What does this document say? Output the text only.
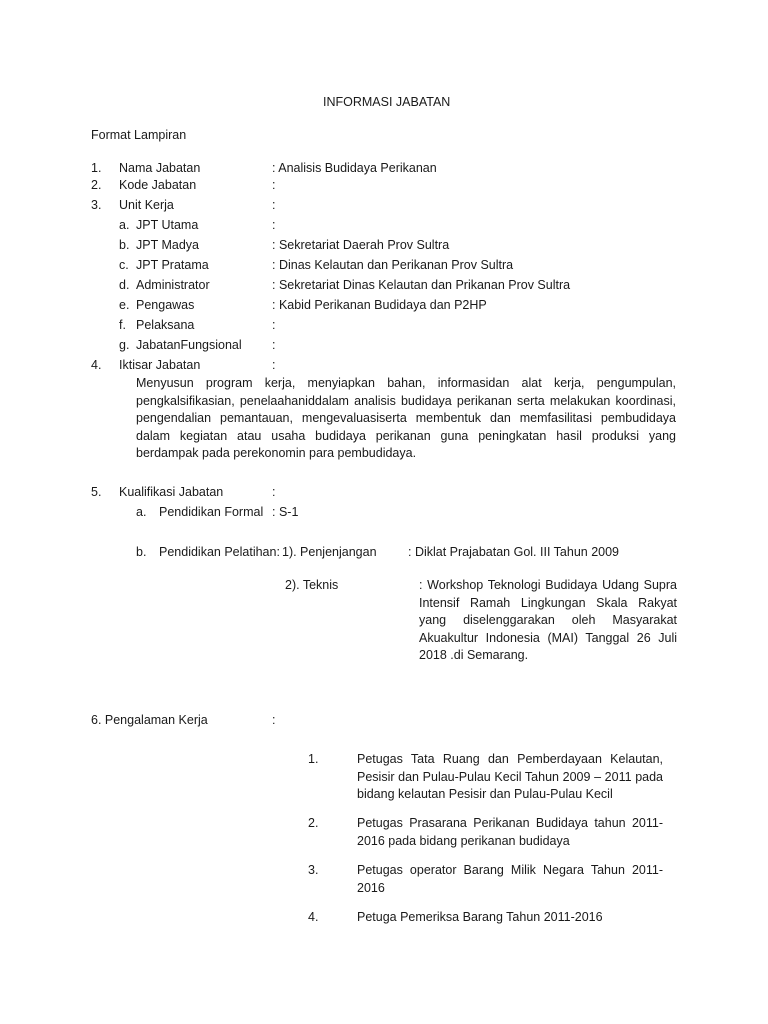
INFORMASI JABATAN
Format Lampiran
1. Nama Jabatan	: Analisis Budidaya Perikanan
2. Kode Jabatan	:
3. Unit Kerja	:
a. JPT Utama	:
b. JPT Madya	: Sekretariat Daerah Prov Sultra
c. JPT Pratama	: Dinas Kelautan dan Perikanan Prov Sultra
d. Administrator	: Sekretariat Dinas Kelautan dan Prikanan Prov Sultra
e. Pengawas	: Kabid Perikanan Budidaya dan P2HP
f. Pelaksana	:
g. JabatanFungsional :
4. Iktisar Jabatan	:
Menyusun program kerja, menyiapkan bahan, informasidan alat kerja, pengumpulan, pengkalsifikasian, penelaahaniddalam analisis budidaya perikanan serta melakukan koordinasi, pengendalian pemantauan, mengevaluasiserta membentuk dan memfasilitasi pembudidaya dalam kegiatan atau usaha budidaya perikanan guna peningkatan hasil produksi yang berdampak pada perekonomin para pembudidaya.
5. Kualifikasi Jabatan	:
a. Pendidikan Formal : S-1
b. Pendidikan Pelatihan: 1). Penjenjangan	: Diklat Prajabatan Gol. III Tahun 2009
2). Teknis	: Workshop Teknologi Budidaya Udang Supra Intensif Ramah Lingkungan Skala Rakyat yang diselenggarakan oleh Masyarakat Akuakultur Indonesia (MAI) Tanggal 26 Juli 2018 .di Semarang.
6. Pengalaman Kerja	:
1.	Petugas Tata Ruang dan Pemberdayaan Kelautan, Pesisir dan Pulau-Pulau Kecil Tahun 2009 – 2011 pada bidang kelautan Pesisir dan Pulau-Pulau Kecil
2.	Petugas Prasarana Perikanan Budidaya tahun 2011-2016 pada bidang perikanan budidaya
3.	Petugas operator Barang Milik Negara Tahun 2011-2016
4.	Petuga Pemeriksa Barang Tahun 2011-2016
